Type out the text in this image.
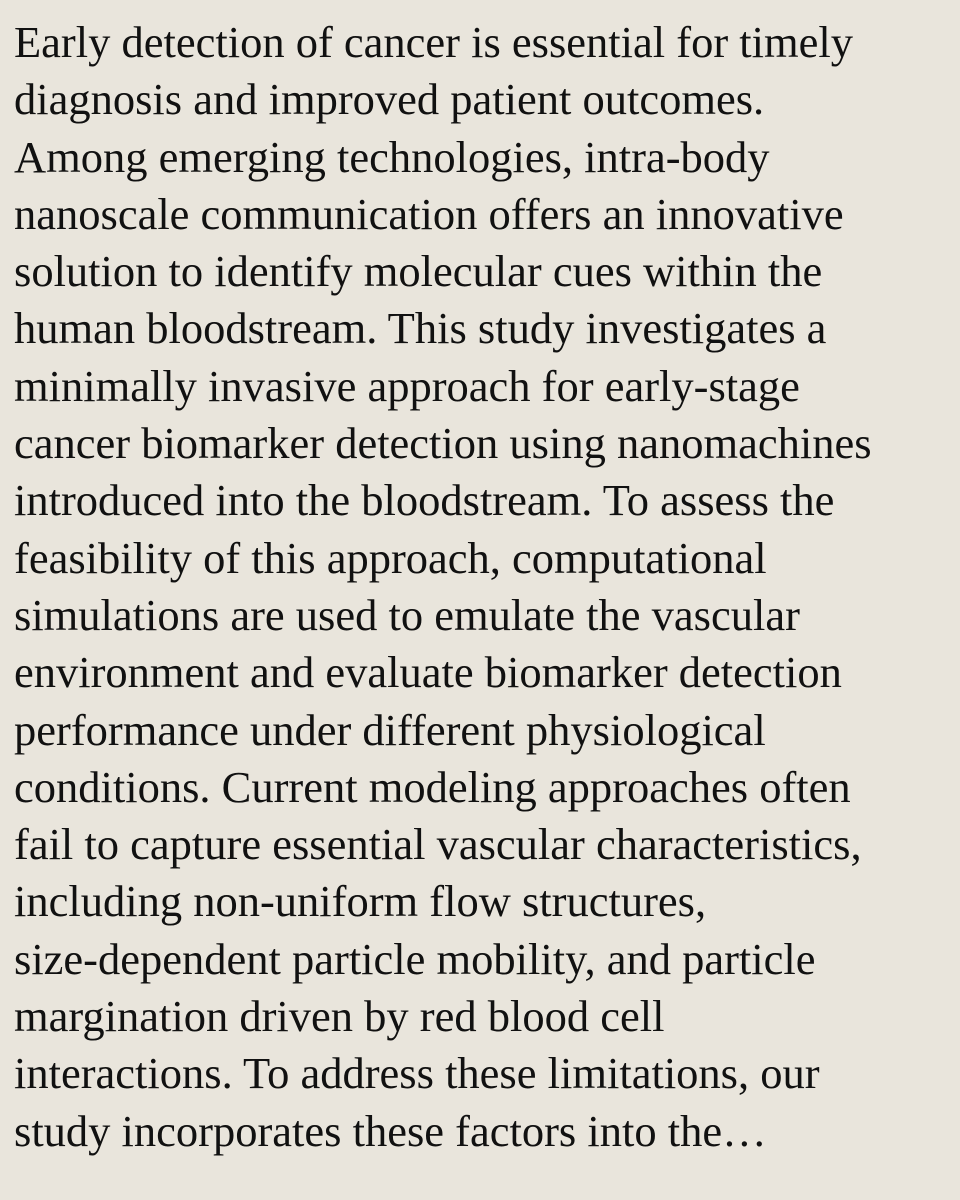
Early detection of cancer is essential for timely
diagnosis and improved patient outcomes.
Among emerging technologies, intra-body
nanoscale communication offers an innovative
solution to identify molecular cues within the
human bloodstream. This study investigates a
minimally invasive approach for early-stage
cancer biomarker detection using nanomachines
introduced into the bloodstream. To assess the
feasibility of this approach, computational
simulations are used to emulate the vascular
environment and evaluate biomarker detection
performance under different physiological
conditions. Current modeling approaches often
fail to capture essential vascular characteristics,
including non-uniform flow structures,
size-dependent particle mobility, and particle
margination driven by red blood cell
interactions. To address these limitations, our
study incorporates these factors into the…
